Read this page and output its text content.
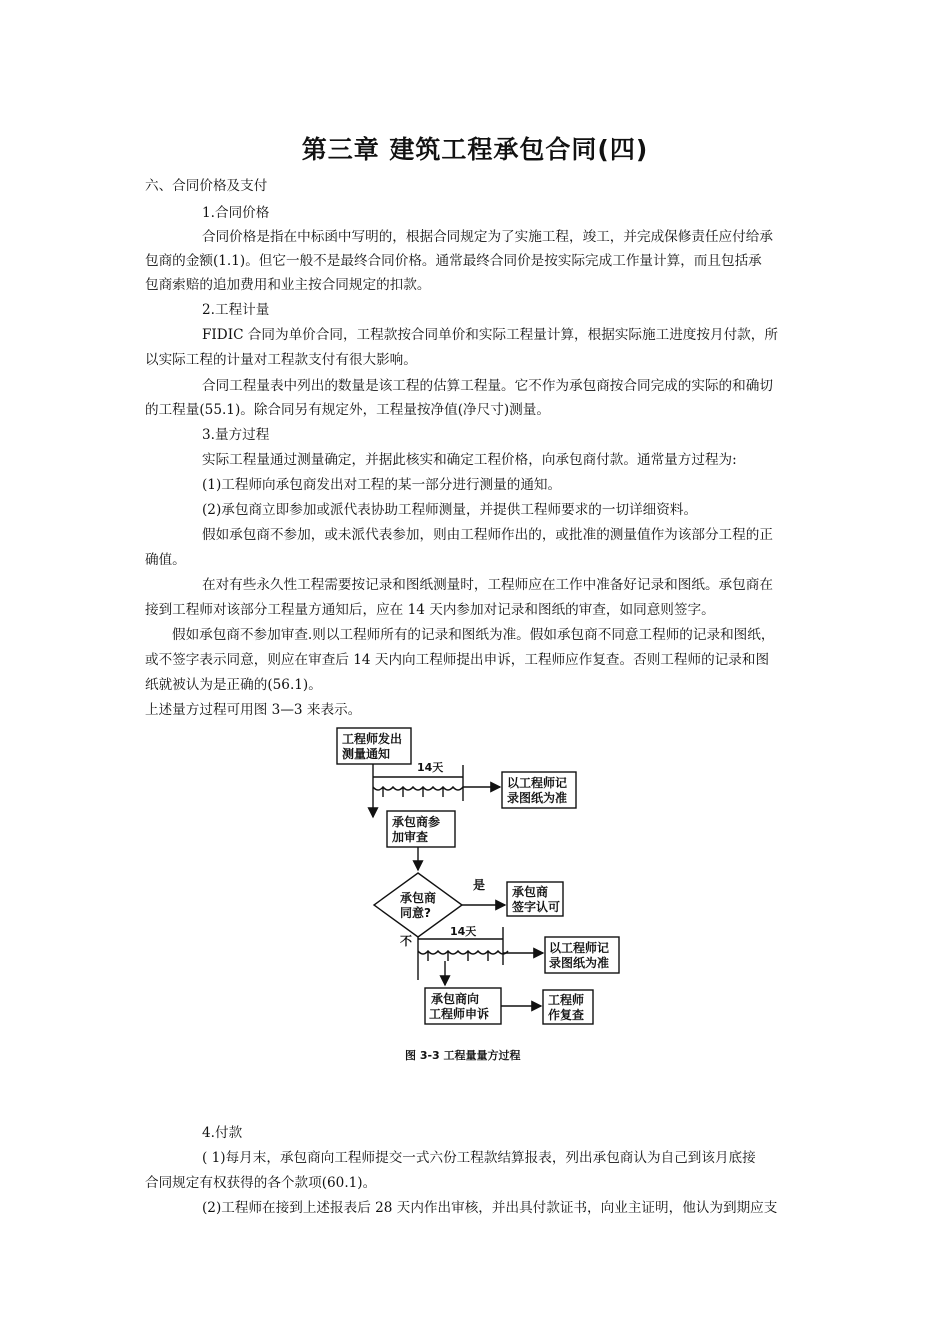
第三章 建筑工程承包合同(四)
六、合同价格及支付
1.合同价格
合同价格是指在中标函中写明的，根据合同规定为了实施工程，竣工，并完成保修责任应付给承
包商的金额(1.1)。但它一般不是最终合同价格。通常最终合同价是按实际完成工作量计算，而且包括承
包商索赔的追加费用和业主按合同规定的扣款。
2.工程计量
FIDIC 合同为单价合同，工程款按合同单价和实际工程量计算，根据实际施工进度按月付款，所
以实际工程的计量对工程款支付有很大影响。
合同工程量表中列出的数量是该工程的估算工程量。它不作为承包商按合同完成的实际的和确切
的工程量(55.1)。除合同另有规定外，工程量按净值(净尺寸)测量。
3.量方过程
实际工程量通过测量确定，并据此核实和确定工程价格，向承包商付款。通常量方过程为:
(1)工程师向承包商发出对工程的某一部分进行测量的通知。
(2)承包商立即参加或派代表协助工程师测量，并提供工程师要求的一切详细资料。
假如承包商不参加，或未派代表参加，则由工程师作出的，或批准的测量值作为该部分工程的正
确值。
在对有些永久性工程需要按记录和图纸测量时，工程师应在工作中准备好记录和图纸。承包商在
接到工程师对该部分工程量方通知后，应在 14 天内参加对记录和图纸的审查，如同意则签字。
假如承包商不参加审查.则以工程师所有的记录和图纸为准。假如承包商不同意工程师的记录和图纸，
或不签字表示同意，则应在审查后 14 天内向工程师提出申诉，工程师应作复查。否则工程师的记录和图
纸就被认为是正确的(56.1)。
上述量方过程可用图 3—3 来表示。
工程师发出
测量通知
14天
以工程师记
录图纸为准
承包商参
加审查
承包商
同意?
是 承包商
签字认可
不
14天
以工程师记
录图纸为准
承包商向
工程师申诉
工程师
作复查
图 3-3 工程量量方过程
4.付款
( 1)每月末，承包商向工程师提交一式六份工程款结算报表，列出承包商认为自己到该月底接
合同规定有权获得的各个款项(60.1)。
(2)工程师在接到上述报表后 28 天内作出审核，并出具付款证书，向业主证明，他认为到期应支
